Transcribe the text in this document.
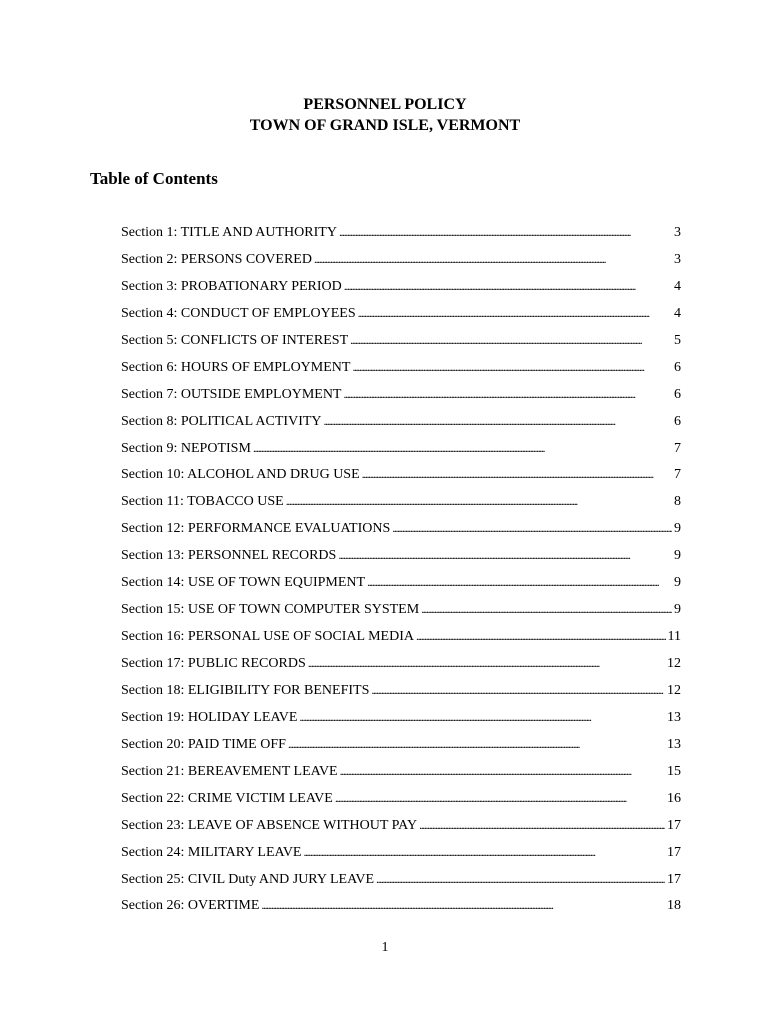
PERSONNEL POLICY
TOWN OF GRAND ISLE, VERMONT
Table of Contents
Section 1: TITLE AND AUTHORITY . . .	3
Section 2: PERSONS COVERED . . .	3
Section 3: PROBATIONARY PERIOD . . .	4
Section 4: CONDUCT OF EMPLOYEES . . .	4
Section 5: CONFLICTS OF INTEREST . . .	5
Section 6: HOURS OF EMPLOYMENT . . .	6
Section 7: OUTSIDE EMPLOYMENT . . .	6
Section 8: POLITICAL ACTIVITY . . .	6
Section 9: NEPOTISM . . .	7
Section 10: ALCOHOL AND DRUG USE . . .	7
Section 11: TOBACCO USE . . .	8
Section 12: PERFORMANCE EVALUATIONS . . .	9
Section 13: PERSONNEL RECORDS . . .	9
Section 14: USE OF TOWN EQUIPMENT . . .	9
Section 15: USE OF TOWN COMPUTER SYSTEM . . .	9
Section 16: PERSONAL USE OF SOCIAL MEDIA . . .	11
Section 17: PUBLIC RECORDS . . .	12
Section 18: ELIGIBILITY FOR BENEFITS . . .	12
Section 19: HOLIDAY LEAVE . . .	13
Section 20: PAID TIME OFF . . .	13
Section 21: BEREAVEMENT LEAVE . . .	15
Section 22: CRIME VICTIM LEAVE . . .	16
Section 23: LEAVE OF ABSENCE WITHOUT PAY . . .	17
Section 24: MILITARY LEAVE . . .	17
Section 25: CIVIL Duty AND JURY LEAVE . . .	17
Section 26: OVERTIME . . .	18
1
